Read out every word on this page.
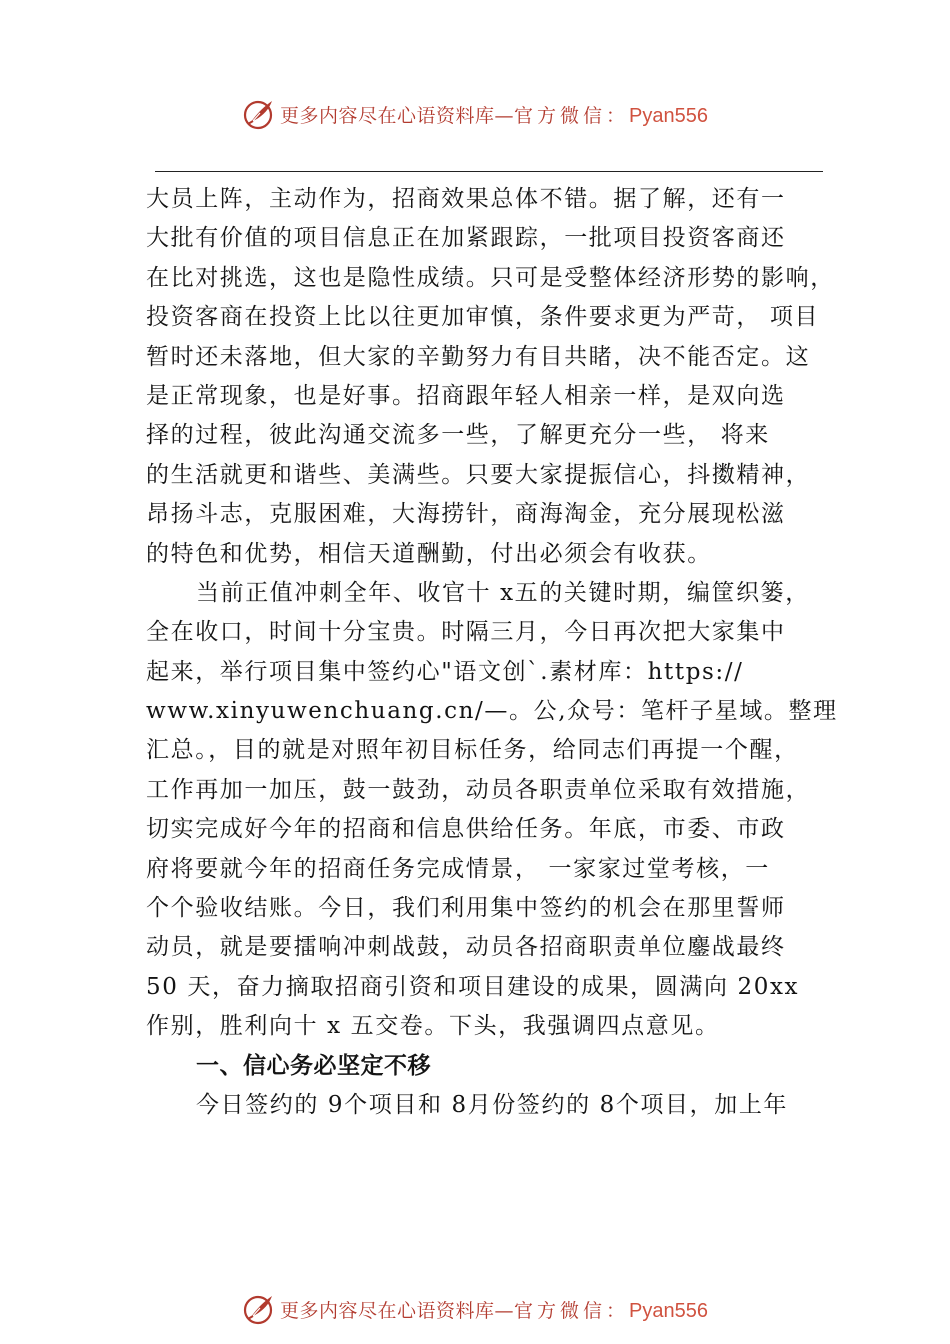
更多内容尽在心语资料库—官方微信：Pyan556
大员上阵，主动作为，招商效果总体不错。据了解，还有一
大批有价值的项目信息正在加紧跟踪，一批项目投资客商还
在比对挑选，这也是隐性成绩。只可是受整体经济形势的影响，
投资客商在投资上比以往更加审慎，条件要求更为严苛， 项目
暂时还未落地，但大家的辛勤努力有目共睹，决不能否定。这
是正常现象，也是好事。招商跟年轻人相亲一样，是双向选
择的过程，彼此沟通交流多一些，了解更充分一些， 将来
的生活就更和谐些、美满些。只要大家提振信心，抖擞精神，
昂扬斗志，克服困难，大海捞针，商海淘金，充分展现松滋
的特色和优势，相信天道酬勤，付出必须会有收获。
当前正值冲刺全年、收官十 x五的关键时期，编筐织篓，
全在收口，时间十分宝贵。时隔三月，今日再次把大家集中
起来，举行项目集中签约心"语文创`.素材库：https://
www.xinyuwenchuang.cn/—。公,众号：笔杆子星域。整理
汇总。，目的就是对照年初目标任务，给同志们再提一个醒，
工作再加一加压，鼓一鼓劲，动员各职责单位采取有效措施，
切实完成好今年的招商和信息供给任务。年底，市委、市政
府将要就今年的招商任务完成情景， 一家家过堂考核，一
个个验收结账。今日，我们利用集中签约的机会在那里誓师
动员，就是要擂响冲刺战鼓，动员各招商职责单位鏖战最终
50 天，奋力摘取招商引资和项目建设的成果，圆满向 20xx
作别，胜利向十 x 五交卷。下头，我强调四点意见。
一、信心务必坚定不移
今日签约的 9个项目和 8月份签约的 8个项目，加上年
更多内容尽在心语资料库—官方微信：Pyan556
